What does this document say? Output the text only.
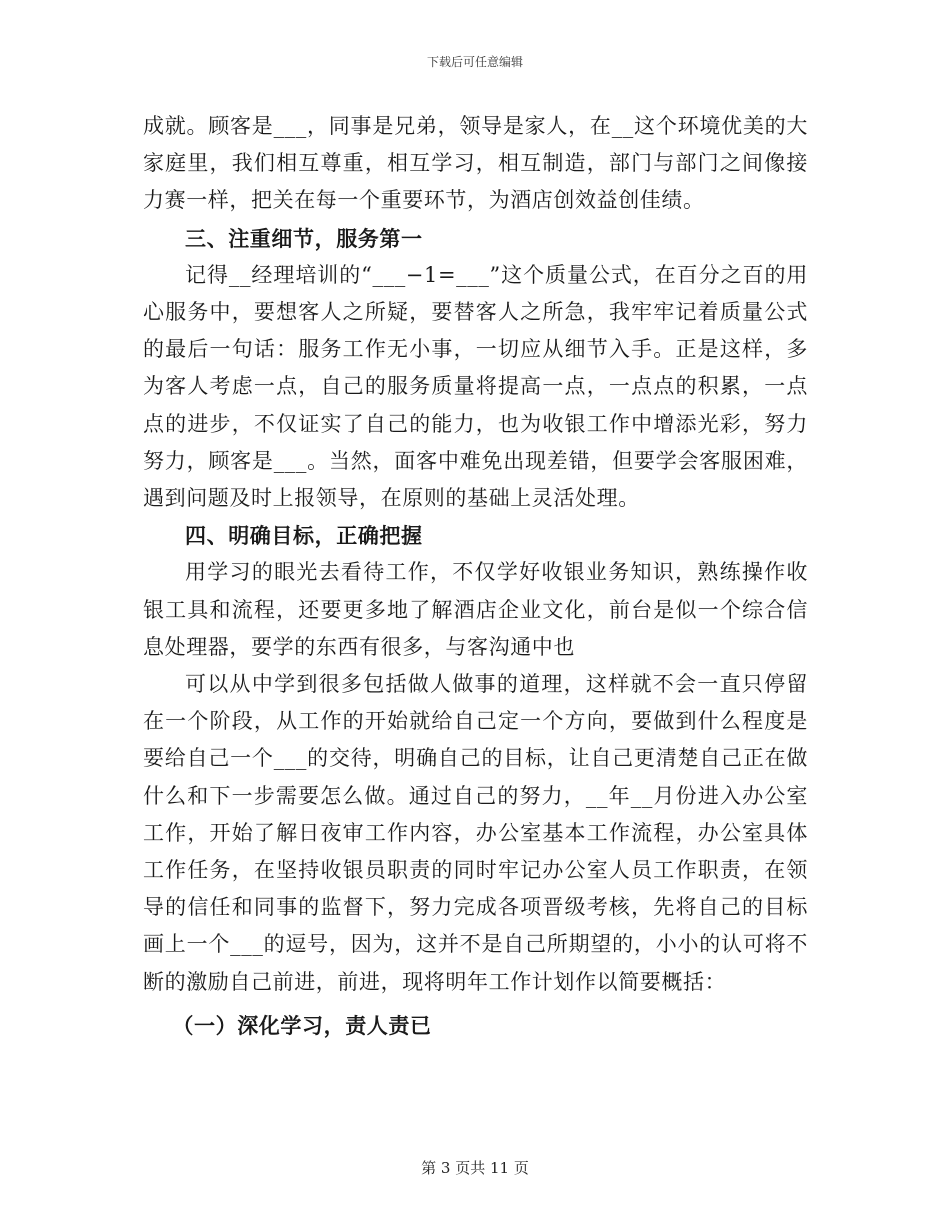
下载后可任意编辑

成就。顾客是___，同事是兄弟，领导是家人，在__这个环境优美的大家庭里，我们相互尊重，相互学习，相互制造，部门与部门之间像接力赛一样，把关在每一个重要环节，为酒店创效益创佳绩。

三、注重细节，服务第一

记得__经理培训的“___−1=___”这个质量公式，在百分之百的用心服务中，要想客人之所疑，要替客人之所急，我牢牢记着质量公式的最后一句话：服务工作无小事，一切应从细节入手。正是这样，多为客人考虑一点，自己的服务质量将提高一点，一点点的积累，一点点的进步，不仅证实了自己的能力，也为收银工作中增添光彩，努力努力，顾客是___。当然，面客中难免出现差错，但要学会客服困难，遇到问题及时上报领导，在原则的基础上灵活处理。

四、明确目标，正确把握

用学习的眼光去看待工作，不仅学好收银业务知识，熟练操作收银工具和流程，还要更多地了解酒店企业文化，前台是似一个综合信息处理器，要学的东西有很多，与客沟通中也

可以从中学到很多包括做人做事的道理，这样就不会一直只停留在一个阶段，从工作的开始就给自己定一个方向，要做到什么程度是要给自己一个___的交待，明确自己的目标，让自己更清楚自己正在做什么和下一步需要怎么做。通过自己的努力，__年__月份进入办公室工作，开始了解日夜审工作内容，办公室基本工作流程，办公室具体工作任务，在坚持收银员职责的同时牢记办公室人员工作职责，在领导的信任和同事的监督下，努力完成各项晋级考核，先将自己的目标画上一个___的逗号，因为，这并不是自己所期望的，小小的认可将不断的激励自己前进，前进，现将明年工作计划作以简要概括：

（一）深化学习，责人责已
第 3 页共 11 页
